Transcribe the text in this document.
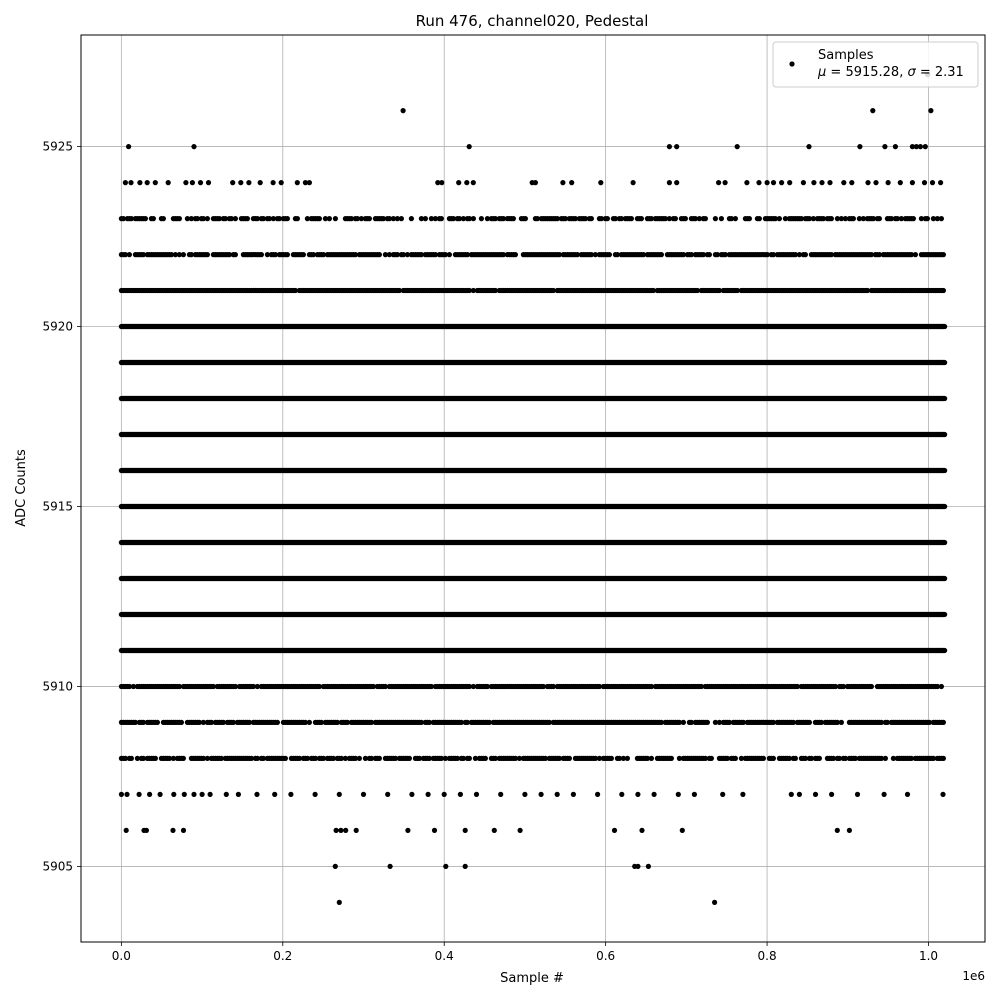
Run 476, channel020, Pedestal
0.0	0.2	0.4	0.6	0.8	1.0
5905
5910
5915
5920
5925
Sample #
ADC Counts
1e6
Samples
μ = 5915.28, σ = 2.31
